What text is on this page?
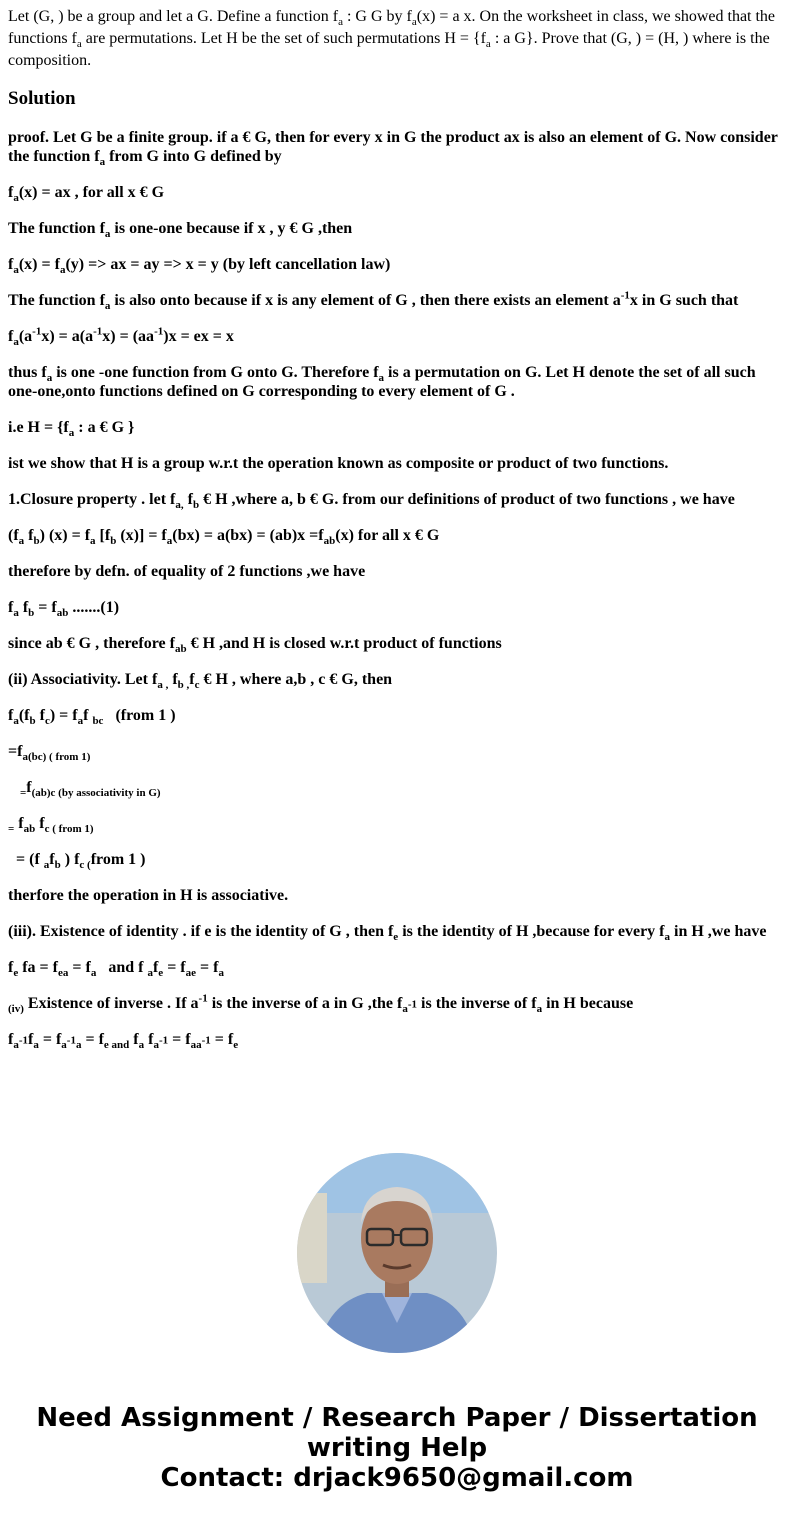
Let (G, ) be a group and let a G. Define a function $f_a$ : G G by $f_a(x) = a$ x. On the worksheet in class, we showed that the functions $f_a$ are permutations. Let H be the set of such permutations $H = \{f_a$ : a G}. Prove that (G, ) = (H, ) where is the composition.

Solution

proof. Let G be a finite group. if a € G, then for every x in G the product ax is also an element of G. Now consider the function $f_a$ from G into G defined by

$f_a(x)$ = ax , for all x € G

The function $f_a$ is one-one because if x , y € G ,then

$f_a(x) = f_a(y)$ => ax = ay => x = y (by left cancellation law)

The function $f_a$ is also onto because if x is any element of G , then there exists an element $a^{-1}x$ in G such that

$f_a(a^{-1}x) = a(a^{-1}x) = (aa^{-1})x$ = ex = x

thus $f_a$ is one -one function from G onto G. Therefore $f_a$ is a permutation on G. Let H denote the set of all such one-one,onto functions defined on G corresponding to every element of G .

i.e $H = \{f_a$ : a € G }

ist we show that H is a group w.r.t the operation known as composite or product of two functions.

1.Closure property . let $f_{a,}$ $f_b$ € H ,where a, b € G. from our definitions of product of two functions , we have

($f_a$ $f_b$) $(x) = f_a$ [$f_b$ $(x)] = f_a(bx) = a(bx) = (ab)x =f_{ab}(x)$ for all x € G

therefore by defn. of equality of 2 functions ,we have

$f_a$ $f_b = f_{ab}$ .......(1)

since ab € G , therefore $f_{ab}$ € H ,and H is closed w.r.t product of functions

(ii) Associativity. Let $f_{a ,}$ $f_{b ,}f_c$ € H , where a,b , c € G, then

$f_a(f_b$ $f_c) = f_af$ $_{bc}$   (from 1 )

$=f_{a(bc) ( from 1)}$

$_=f_{(ab)c (by associativity in G)}$

$_=$ $f_{ab}$ $f_{c ( from 1)}$

= (f $_af_b$ ) $f_{c (}from$ 1 )

therfore the operation in H is associative.

(iii). Existence of identity . if e is the identity of G , then $f_e$ is the identity of H ,because for every $f_a$ in H ,we have

$f_e$ fa = $f_{ea} = f_a$   and f $_af_e = f_{ae} = f_a$

$_{(iv)}$ Existence of inverse . If $a^{-1}$ is the inverse of a in G ,the $f_{a^{-1}}$ is the inverse of $f_a$ in H because

$f_{a^{-1}}f_a = f_{a^{-1}a} = f_{e and}$ $f_a$ $f_{a^{-1}} = f_{aa^{-1}} = f_e$

Need Assignment / Research Paper / Dissertation writing Help
Contact: drjack9650@gmail.com
